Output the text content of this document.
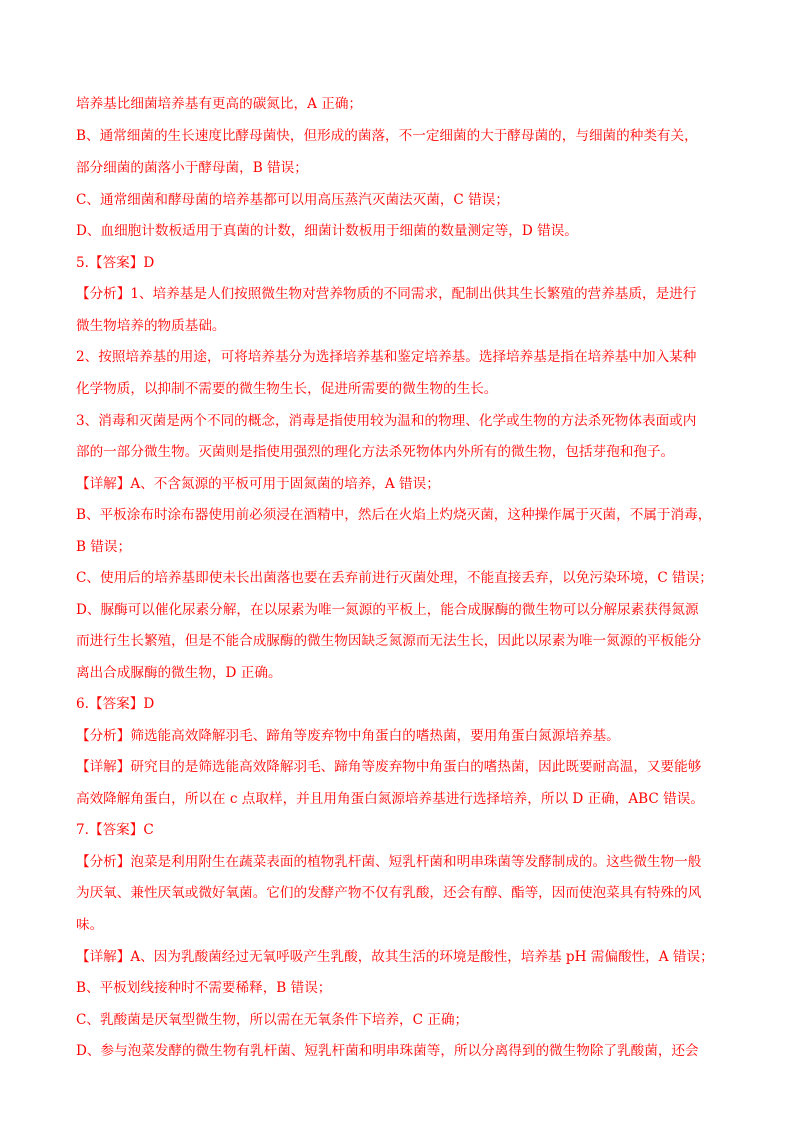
培养基比细菌培养基有更高的碳氮比，A 正确；
B、通常细菌的生长速度比酵母菌快，但形成的菌落，不一定细菌的大于酵母菌的，与细菌的种类有关，
部分细菌的菌落小于酵母菌，B 错误；
C、通常细菌和酵母菌的培养基都可以用高压蒸汽灭菌法灭菌，C 错误；
D、血细胞计数板适用于真菌的计数，细菌计数板用于细菌的数量测定等，D 错误。
5.【答案】D
【分析】1、培养基是人们按照微生物对营养物质的不同需求，配制出供其生长繁殖的营养基质，是进行
微生物培养的物质基础。
2、按照培养基的用途，可将培养基分为选择培养基和鉴定培养基。选择培养基是指在培养基中加入某种
化学物质，以抑制不需要的微生物生长，促进所需要的微生物的生长。
3、消毒和灭菌是两个不同的概念，消毒是指使用较为温和的物理、化学或生物的方法杀死物体表面或内
部的一部分微生物。灭菌则是指使用强烈的理化方法杀死物体内外所有的微生物，包括芽孢和孢子。
【详解】A、不含氮源的平板可用于固氮菌的培养，A 错误；
B、平板涂布时涂布器使用前必须浸在酒精中，然后在火焰上灼烧灭菌，这种操作属于灭菌，不属于消毒，
B 错误；
C、使用后的培养基即使未长出菌落也要在丢弃前进行灭菌处理，不能直接丢弃，以免污染环境，C 错误；
D、脲酶可以催化尿素分解，在以尿素为唯一氮源的平板上，能合成脲酶的微生物可以分解尿素获得氮源
而进行生长繁殖，但是不能合成脲酶的微生物因缺乏氮源而无法生长，因此以尿素为唯一氮源的平板能分
离出合成脲酶的微生物，D 正确。
6.【答案】D
【分析】筛选能高效降解羽毛、蹄角等废弃物中角蛋白的嗜热菌，要用角蛋白氮源培养基。
【详解】研究目的是筛选能高效降解羽毛、蹄角等废弃物中角蛋白的嗜热菌，因此既要耐高温，又要能够
高效降解角蛋白，所以在 c 点取样，并且用角蛋白氮源培养基进行选择培养，所以 D 正确，ABC 错误。
7.【答案】C
【分析】泡菜是利用附生在蔬菜表面的植物乳杆菌、短乳杆菌和明串珠菌等发酵制成的。这些微生物一般
为厌氧、兼性厌氧或微好氧菌。它们的发酵产物不仅有乳酸，还会有醇、酯等，因而使泡菜具有特殊的风
味。
【详解】A、因为乳酸菌经过无氧呼吸产生乳酸，故其生活的环境是酸性，培养基 pH 需偏酸性，A 错误；
B、平板划线接种时不需要稀释，B 错误；
C、乳酸菌是厌氧型微生物，所以需在无氧条件下培养，C 正确；
D、参与泡菜发酵的微生物有乳杆菌、短乳杆菌和明串珠菌等，所以分离得到的微生物除了乳酸菌，还会
